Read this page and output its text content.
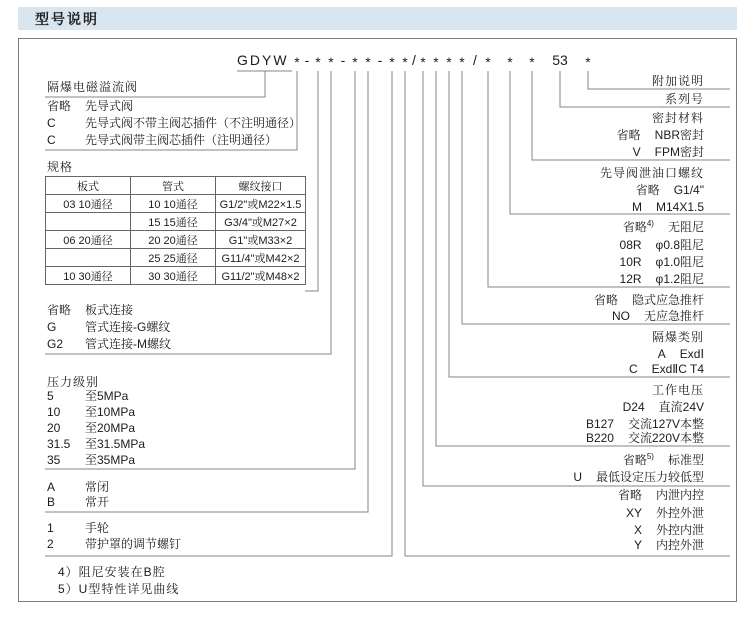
型号说明
GDYW * - * * - * * - * * / * * * * / * * * 53 *
隔爆电磁溢流阀
省略	先导式阀
C	先导式阀不带主阀芯插件（不注明通径）
C	先导式阀带主阀芯插件（注明通径）
规格
板式	管式	螺纹接口
03 10通径	10 10通径	G1/2"或M22×1.5
	15 15通径	G3/4"或M27×2
06 20通径	20 20通径	G1"或M33×2
	25 25通径	G11/4"或M42×2
10 30通径	30 30通径	G11/2"或M48×2
省略	板式连接
G	管式连接-G螺纹
G2	管式连接-M螺纹
压力级别
5	至5MPa
10	至10MPa
20	至20MPa
31.5	至31.5MPa
35	至35MPa
A	常闭
B	常开
1	手轮
2	带护罩的调节螺钉
4）阻尼安装在B腔
5）U型特性详见曲线
附加说明
系列号
密封材料
省略 NBR密封
V FPM密封
先导阀泄油口螺纹
省略 G1/4"
M M14X1.5
省略$^{4)}$ 无阻尼
08R φ0.8阻尼
10R φ1.0阻尼
12R φ1.2阻尼
省略 隐式应急推杆
NO 无应急推杆
隔爆类别
A ExdⅠ
C ExdⅡC T4
工作电压
D24 直流24V
B127 交流127V本整
B220 交流220V本整
省略$^{5)}$ 标准型
U 最低设定压力较低型
省略 内泄内控
XY 外控外泄
X 外控内泄
Y 内控外泄
